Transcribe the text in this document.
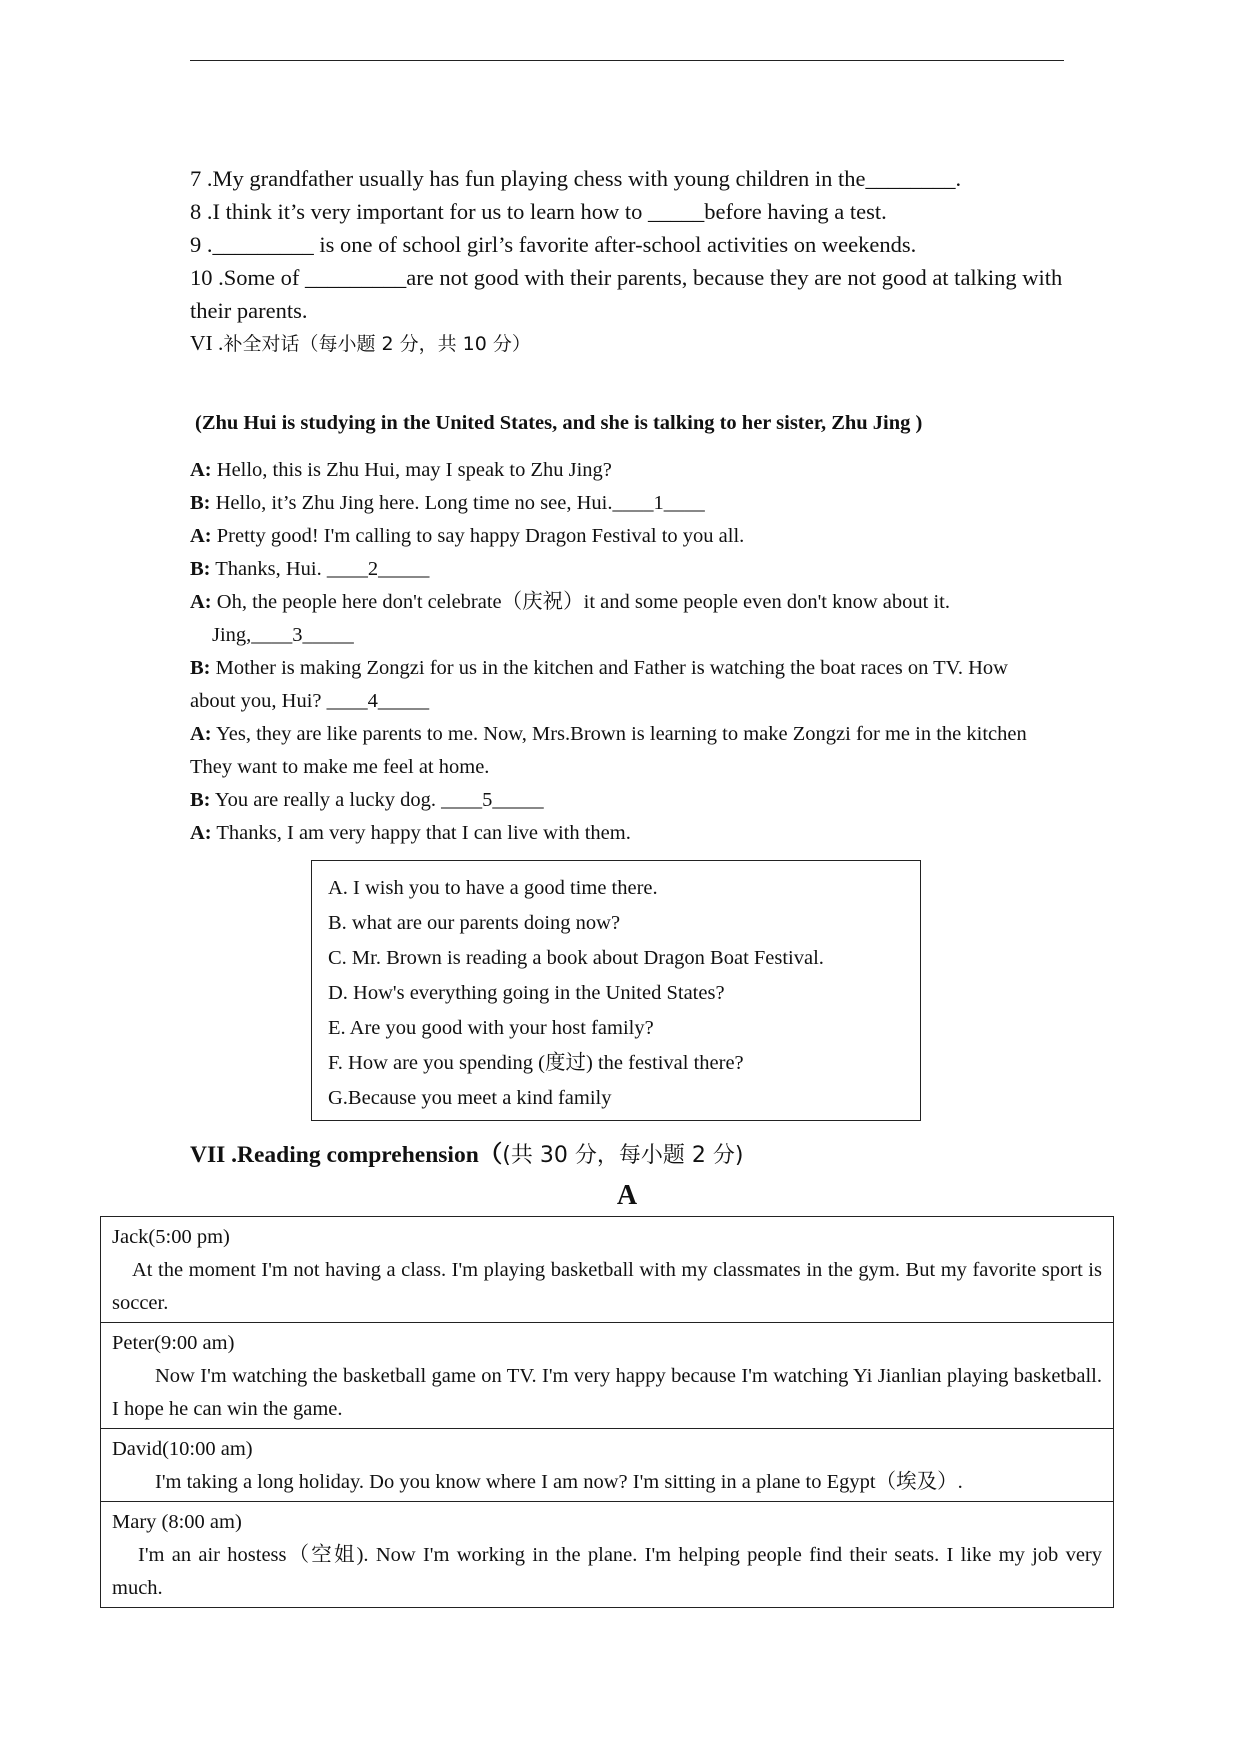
7 .My grandfather usually has fun playing chess with young children in the________.

8 .I think it’s very important for us to learn how to _____before having a test.

9 ._________ is one of school girl’s favorite after-school activities on weekends.

10 .Some of _________are not good with their parents, because they are not good at talking with their parents.

VI .补全对话（每小题 2 分，共 10 分）

(Zhu Hui is studying in the United States, and she is talking to her sister, Zhu Jing )

A: Hello, this is Zhu Hui, may I speak to Zhu Jing?

B: Hello, it’s Zhu Jing here. Long time no see, Hui.____1____

A: Pretty good! I'm calling to say happy Dragon Festival to you all.

B: Thanks, Hui. ____2_____

A: Oh, the people here don't celebrate（庆祝）it and some people even don't know about it.

Jing,____3_____

B: Mother is making Zongzi for us in the kitchen and Father is watching the boat races on TV. How about you, Hui? ____4_____

A: Yes, they are like parents to me. Now, Mrs.Brown is learning to make Zongzi for me in the kitchen They want to make me feel at home.

B: You are really a lucky dog. ____5_____

A: Thanks, I am very happy that I can live with them.

A. I wish you to have a good time there.

B. what are our parents doing now?

C. Mr. Brown is reading a book about Dragon Boat Festival.

D. How's everything going in the United States?

E. Are you good with your host family?

F. How are you spending (度过) the festival there?

G.Because you meet a kind family

VII .Reading comprehension（(共 30 分，每小题 2 分)

A

Jack(5:00 pm)
At the moment I'm not having a class. I'm playing basketball with my classmates in the gym. But my favorite sport is soccer.

Peter(9:00 am)
Now I'm watching the basketball game on TV. I'm very happy because I'm watching Yi Jianlian playing basketball. I hope he can win the game.

David(10:00 am)
I'm taking a long holiday. Do you know where I am now? I'm sitting in a plane to Egypt（埃及）.

Mary (8:00 am)
I'm an air hostess（空姐). Now I'm working in the plane. I'm helping people find their seats. I like my job very much.
